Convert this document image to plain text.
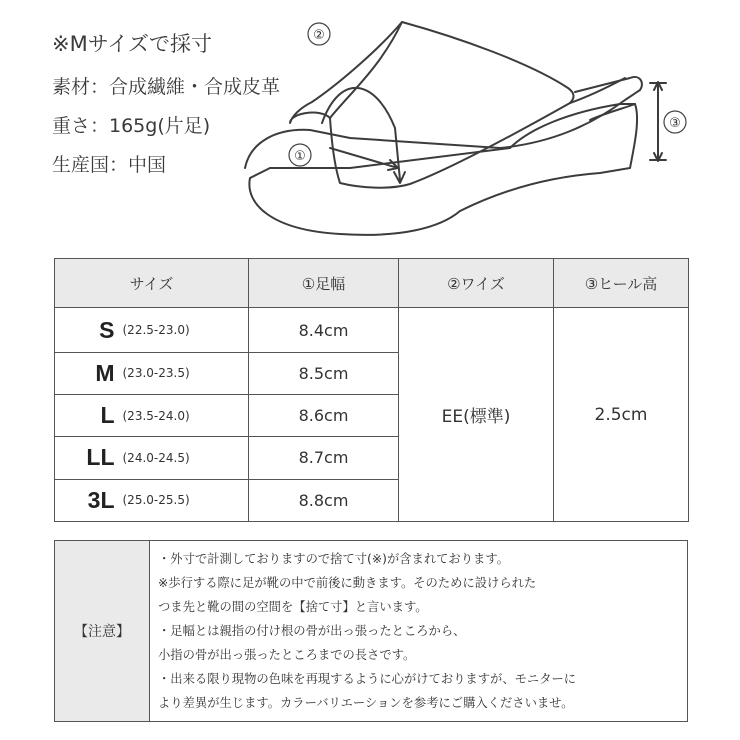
※Mサイズで採寸
素材：合成繊維・合成皮革
重さ：165g(片足)
生産国：中国	①
②
③
サイズ	①足幅	②ワイズ	③ヒール高
S (22.5-23.0)	8.4cm	EE(標準)	2.5cm
M (23.0-23.5)	8.5cm		
L (23.5-24.0)	8.6cm		
LL (24.0-24.5)	8.7cm		
3L (25.0-25.5)	8.8cm		
【注意】	
・外寸で計測しておりますので捨て寸(※)が含まれております。
※歩行する際に足が靴の中で前後に動きます。そのために設けられた
つま先と靴の間の空間を【捨て寸】と言います。
・足幅とは親指の付け根の骨が出っ張ったところから、
小指の骨が出っ張ったところまでの長さです。
・出来る限り現物の色味を再現するように心がけておりますが、モニターに
より差異が生じます。カラーバリエーションを参考にご購入くださいませ。
